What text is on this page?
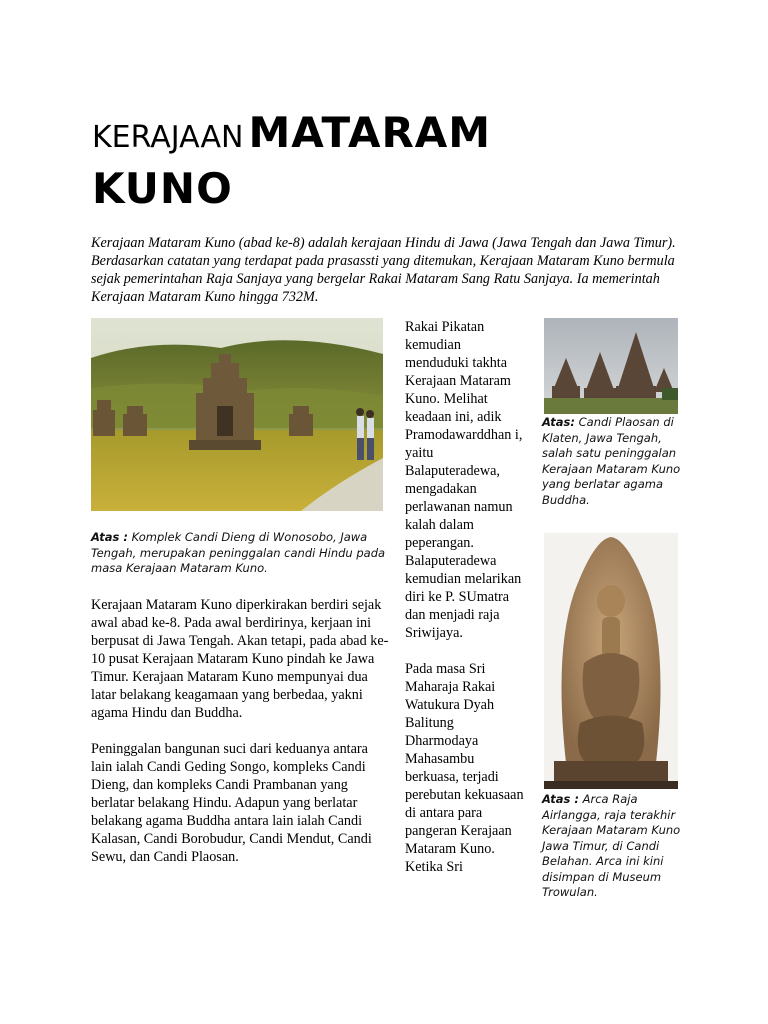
KERAJAAN MATARAM
KUNO
Kerajaan Mataram Kuno (abad ke-8) adalah kerajaan Hindu di Jawa (Jawa Tengah dan Jawa Timur). Berdasarkan catatan yang terdapat pada prasassti yang ditemukan, Kerajaan Mataram Kuno bermula sejak pemerintahan Raja Sanjaya yang bergelar Rakai Mataram Sang Ratu Sanjaya. Ia memerintah Kerajaan Mataram Kuno hingga 732M.
Atas : Komplek Candi Dieng di Wonosobo, Jawa Tengah, merupakan peninggalan candi Hindu pada masa Kerajaan Mataram Kuno.

Kerajaan Mataram Kuno diperkirakan berdiri sejak awal abad ke-8. Pada awal berdirinya, kerjaan ini berpusat di Jawa Tengah. Akan tetapi, pada abad ke-10 pusat Kerajaan Mataram Kuno pindah ke Jawa Timur. Kerajaan Mataram Kuno mempunyai dua latar belakang keagamaan yang berbedaa, yakni agama Hindu dan Buddha.

Peninggalan bangunan suci dari keduanya antara lain ialah Candi Geding Songo, kompleks Candi Dieng, dan kompleks Candi Prambanan yang berlatar belakang Hindu. Adapun yang berlatar belakang agama Buddha antara lain ialah Candi Kalasan, Candi Borobudur, Candi Mendut, Candi Sewu, dan Candi Plaosan.

Rakai Pikatan kemudian menduduki takhta Kerajaan Mataram Kuno. Melihat keadaan ini, adik Pramodawarddhan i, yaitu Balaputeradewa, mengadakan perlawanan namun kalah dalam peperangan. Balaputeradewa kemudian melarikan diri ke P. SUmatra dan menjadi raja Sriwijaya.

Pada masa Sri Maharaja Rakai Watukura Dyah Balitung Dharmodaya Mahasambu berkuasa, terjadi perebutan kekuasaan di antara para pangeran Kerajaan Mataram Kuno. Ketika Sri

Atas: Candi Plaosan di Klaten, Jawa Tengah, salah satu peninggalan Kerajaan Mataram Kuno yang berlatar agama Buddha.
Atas : Arca Raja Airlangga, raja terakhir Kerajaan Mataram Kuno Jawa Timur, di Candi Belahan. Arca ini kini disimpan di Museum Trowulan.
